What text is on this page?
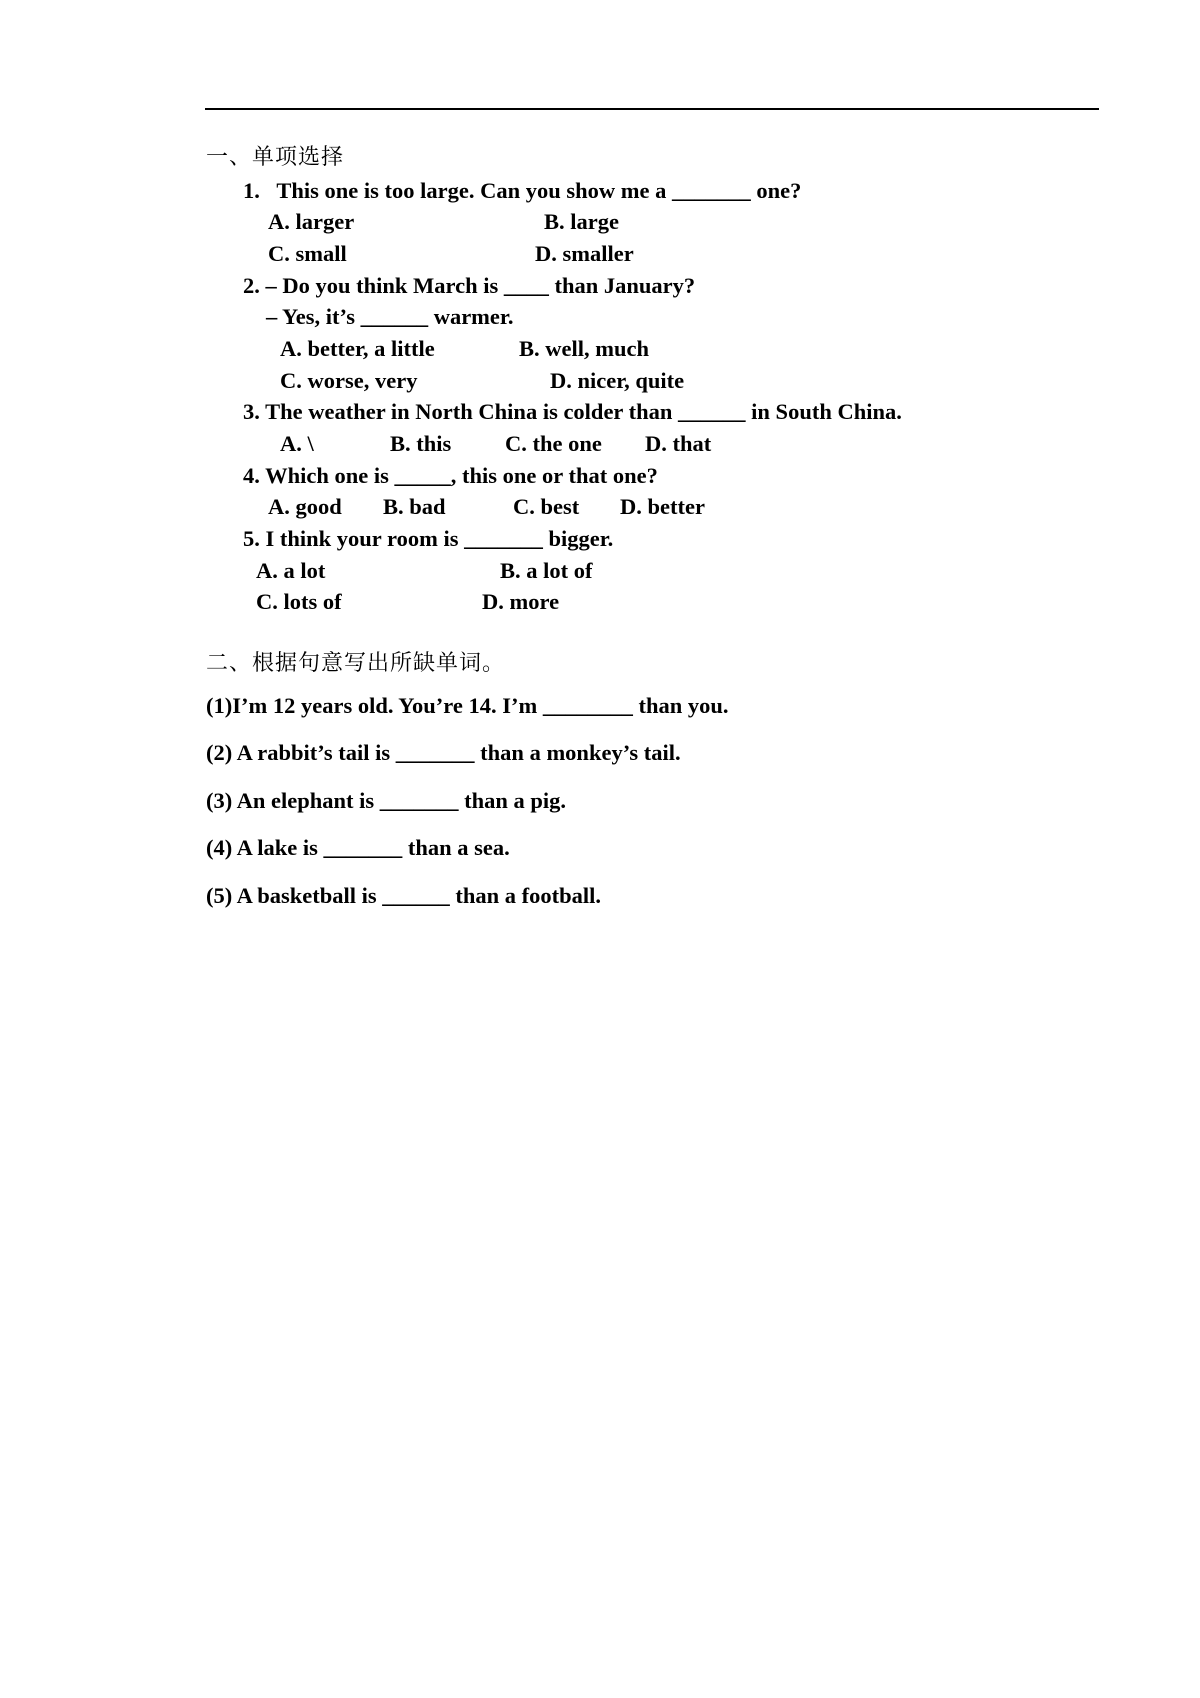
一、单项选择
1.   This one is too large. Can you show me a _______ one?
A. larger	B. large
C. small	D. smaller
2. – Do you think March is ____ than January?
– Yes, it’s ______ warmer.
A. better, a little	B. well, much
C. worse, very	D. nicer, quite
3. The weather in North China is colder than ______ in South China.
A. \	B. this C. the one D. that
4. Which one is _____, this one or that one?
A. good B. bad	C. best D. better
5. I think your room is _______ bigger.
A. a lot	B. a lot of
C. lots of	D. more
二、根据句意写出所缺单词。
(1)I’m 12 years old. You’re 14. I’m ________ than you.
(2) A rabbit’s tail is _______ than a monkey’s tail.
(3) An elephant is _______ than a pig.
(4) A lake is _______ than a sea.
(5) A basketball is ______ than a football.
